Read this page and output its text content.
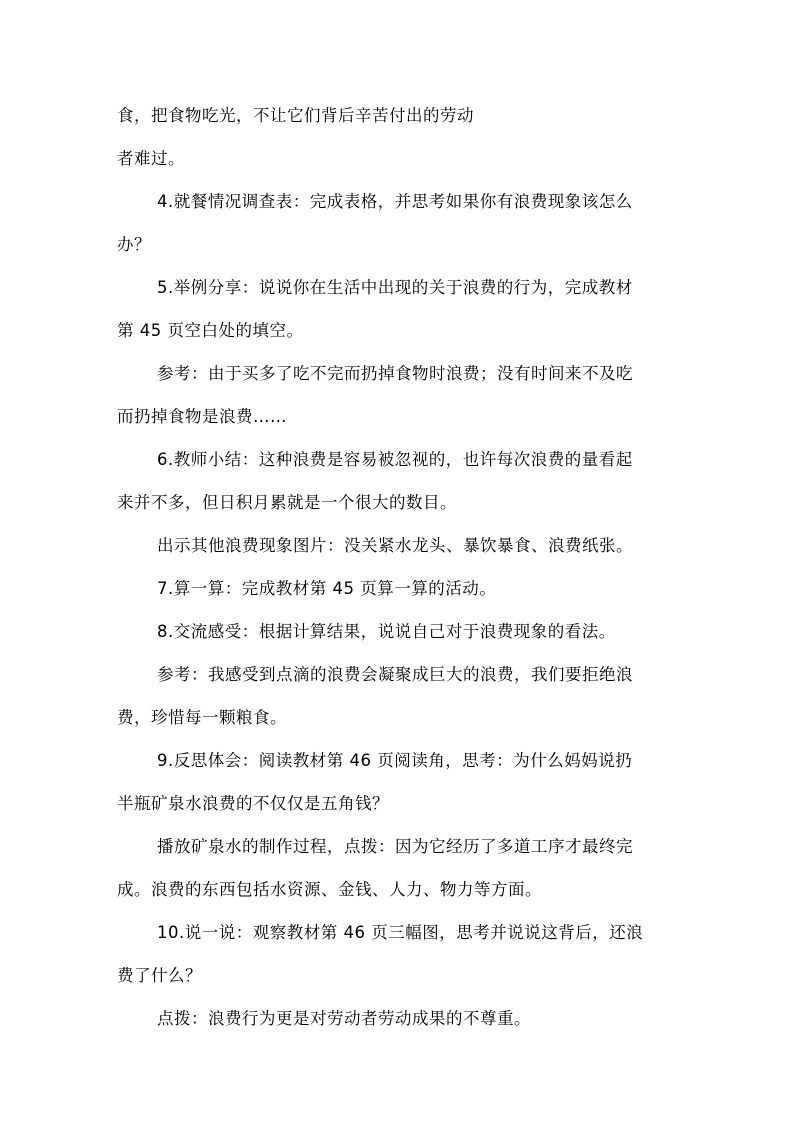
食，把食物吃光，不让它们背后辛苦付出的劳动
者难过。
4.就餐情况调查表：完成表格，并思考如果你有浪费现象该怎么
办？
5.举例分享：说说你在生活中出现的关于浪费的行为，完成教材
第 45 页空白处的填空。
参考：由于买多了吃不完而扔掉食物时浪费；没有时间来不及吃
而扔掉食物是浪费……
6.教师小结：这种浪费是容易被忽视的，也许每次浪费的量看起
来并不多，但日积月累就是一个很大的数目。
出示其他浪费现象图片：没关紧水龙头、暴饮暴食、浪费纸张。
7.算一算：完成教材第 45 页算一算的活动。
8.交流感受：根据计算结果，说说自己对于浪费现象的看法。
参考：我感受到点滴的浪费会凝聚成巨大的浪费，我们要拒绝浪
费，珍惜每一颗粮食。
9.反思体会：阅读教材第 46 页阅读角，思考：为什么妈妈说扔
半瓶矿泉水浪费的不仅仅是五角钱？
播放矿泉水的制作过程，点拨：因为它经历了多道工序才最终完
成。浪费的东西包括水资源、金钱、人力、物力等方面。
10.说一说：观察教材第 46 页三幅图，思考并说说这背后，还浪
费了什么？
点拨：浪费行为更是对劳动者劳动成果的不尊重。
